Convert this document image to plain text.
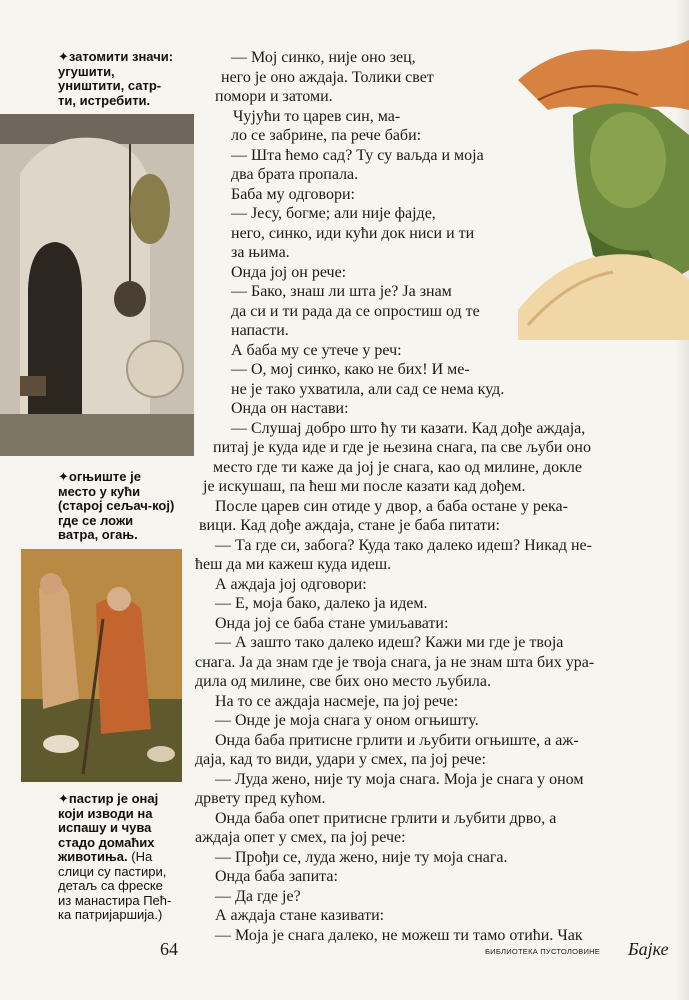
✦затомити значи: угушити, уништити, сатр-ти, истребити.
✦огњиште је место у кући (старој сељач-кој) где се ложи ватра, огањ.
✦пастир је онај који изводи на испашу и чува стадо домаћих животиња. (На слици су пастири, детаљ са фреске из манастира Пећ-ка патријаршија.)
— Мој синко, није оно зец,
нeго је оно аждаја. Толики свет
помори и затоми.
Чујући то царев син, ма-
ло се забрине, па рече баби:
— Шта ћемо сад? Ту су ваљда и моја
два брата пропала.
Баба му одговори:
— Јесу, богме; али није фајде,
него, синко, иди кући док ниси и ти
за њима.
Онда јој он рече:
— Бако, знаш ли шта је? Ја знам
да си и ти рада да се опростиш од те
напасти.
А баба му се утече у реч:
— О, мој синко, како не бих! И ме-
не је тако ухватила, али сад се нема куд.
Онда он настави:
— Слушај добро што ћу ти казати. Кад дође аждаја,
питај је куда иде и где је њезина снага, па све љуби оно
место где ти каже да јој је снага, као од милине, докле
је искушаш, па ћеш ми после казати кад дођем.
После царев син отиде у двор, а баба остане у река-
вици. Кад дође аждаја, стане је баба питати:
— Та где си, забога? Куда тако далеко идеш? Никад не-
ћеш да ми кажеш куда идеш.
А аждаја јој одговори:
— Е, моја бако, далеко ја идем.
Онда јој се баба стане умиљавати:
— А зашто тако далеко идеш? Кажи ми где је твоја
снага. Ја да знам где је твоја снага, ја не знам шта бих ура-
дила од милине, све бих оно место љубила.
На то се аждаја насмеје, па јој рече:
— Онде је моја снага у оном огњишту.
Онда баба притисне грлити и љубити огњиште, а аж-
даја, кад то види, удари у смех, па јој рече:
— Луда жено, није ту моја снага. Моја је снага у оном
дрвету пред кућом.
Онда баба опет притисне грлити и љубити дрво, а
аждаја опет у смех, па јој рече:
— Прођи се, луда жено, није ту моја снага.
Онда баба запита:
— Да где је?
А аждаја стане казивати:
— Моја је снага далеко, не можеш ти тамо отићи. Чак
64	БИБЛИОТЕКА ПУСТОЛОВИНЕ Бајке
